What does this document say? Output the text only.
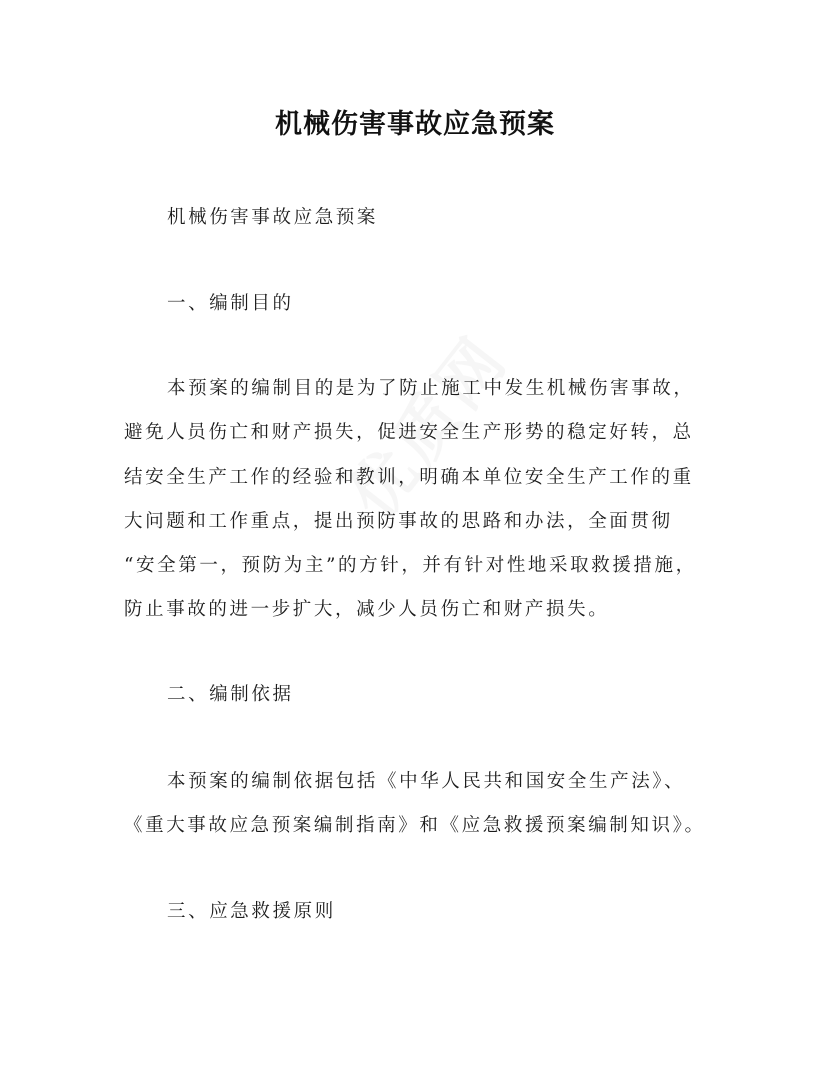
机械伤害事故应急预案
机械伤害事故应急预案
一、编制目的
本预案的编制目的是为了防止施工中发生机械伤害事故，
避免人员伤亡和财产损失，促进安全生产形势的稳定好转，总
结安全生产工作的经验和教训，明确本单位安全生产工作的重
大问题和工作重点，提出预防事故的思路和办法，全面贯彻
“安全第一，预防为主”的方针，并有针对性地采取救援措施，
防止事故的进一步扩大，减少人员伤亡和财产损失。
二、编制依据
本预案的编制依据包括《中华人民共和国安全生产法》、
《重大事故应急预案编制指南》和《应急救援预案编制知识》。
三、应急救援原则
